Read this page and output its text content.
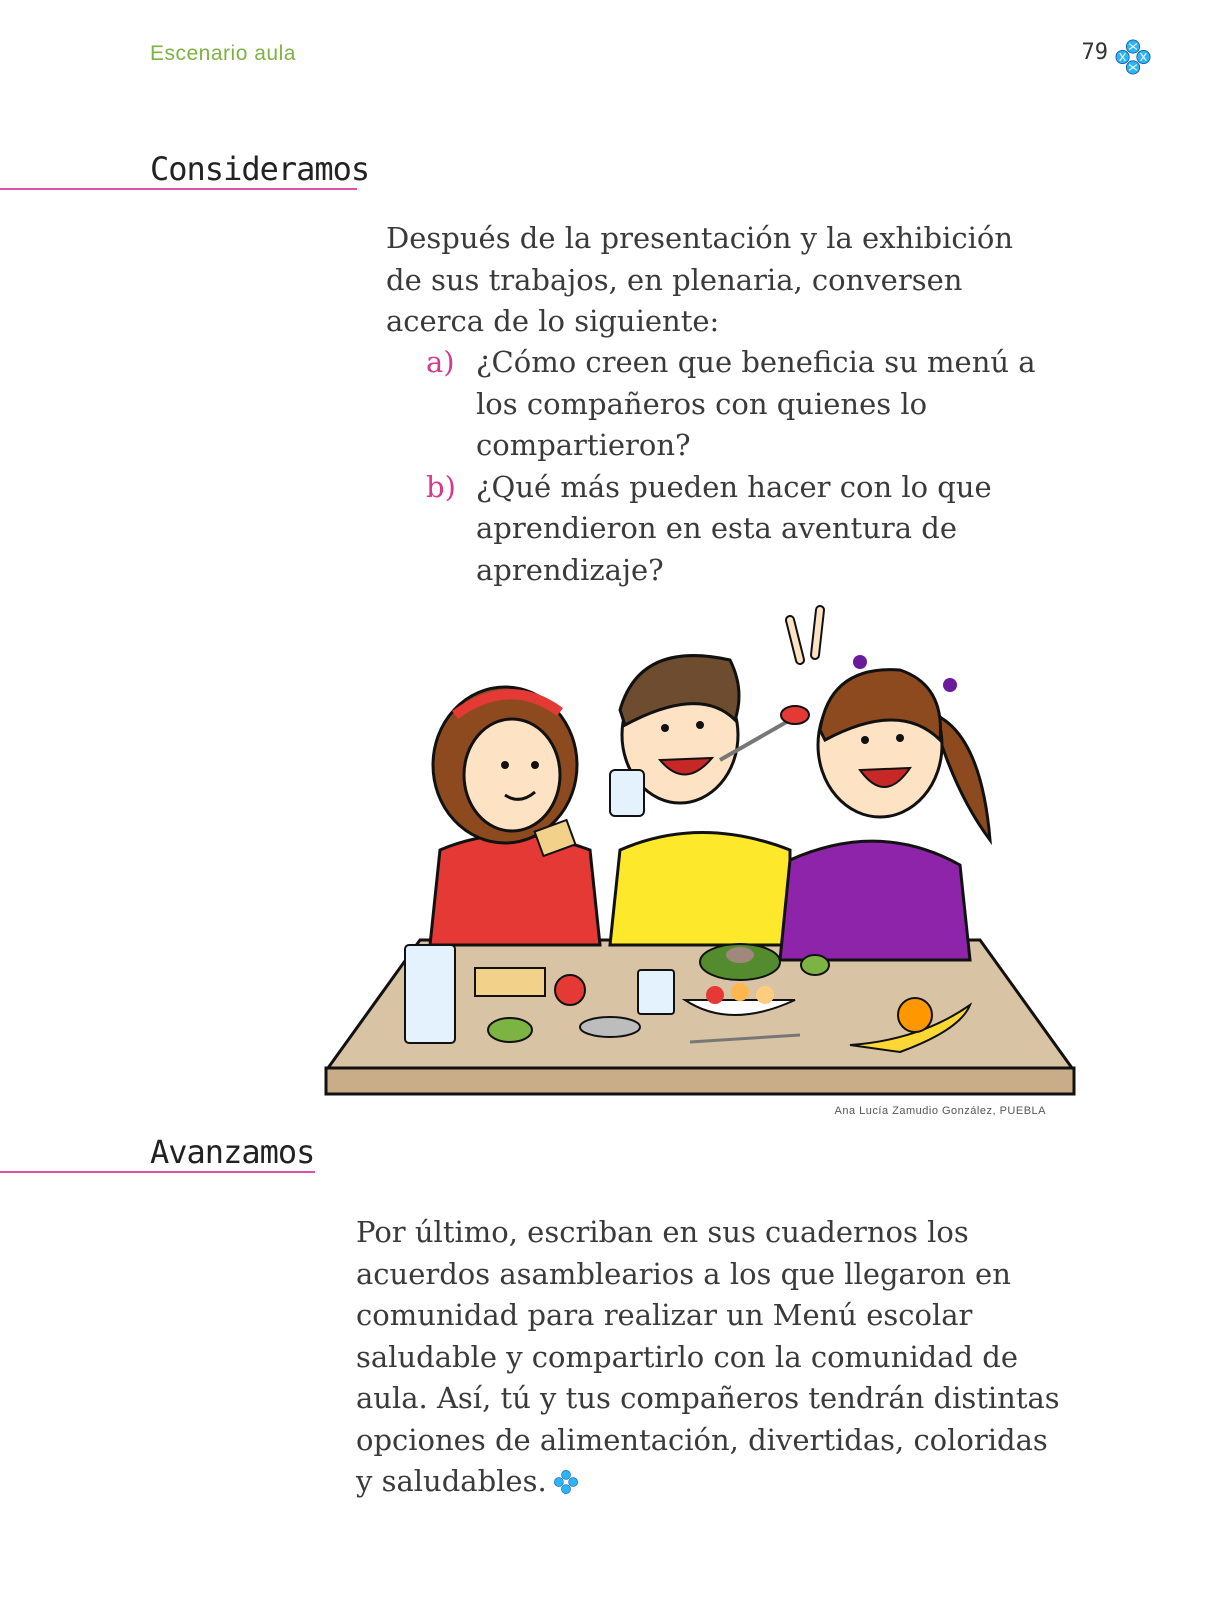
Escenario aula	79
Consideramos

Después de la presentación y la exhibición de sus trabajos, en plenaria, conversen acerca de lo siguiente:

a) ¿Cómo creen que beneficia su menú a los compañeros con quienes lo compartieron?
b) ¿Qué más pueden hacer con lo que aprendieron en esta aventura de aprendizaje?
Ana Lucía Zamudio González, PUEBLA
Avanzamos

Por último, escriban en sus cuadernos los acuerdos asamblearios a los que llegaron en comunidad para realizar un Menú escolar saludable y compartirlo con la comunidad de aula. Así, tú y tus compañeros tendrán distintas opciones de alimentación, divertidas, coloridas y saludables.
